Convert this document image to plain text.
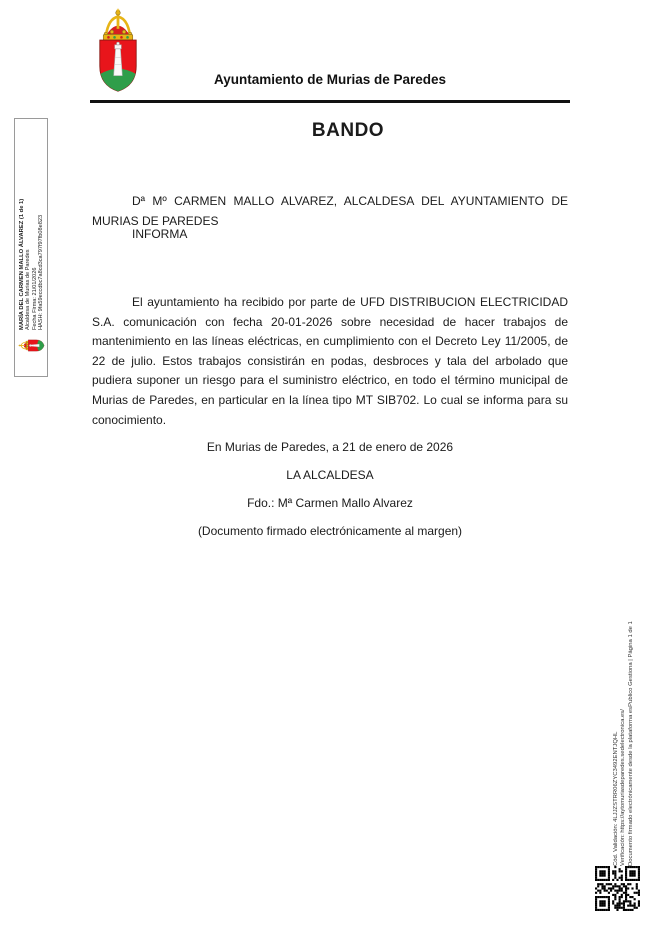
Ayuntamiento de Murias de Paredes
BANDO

Dª Mº CARMEN MALLO ALVAREZ, ALCALDESA DEL AYUNTAMIENTO DE MURIAS DE PAREDES

INFORMA

El ayuntamiento ha recibido por parte de UFD DISTRIBUCION ELECTRICIDAD S.A. comunicación con fecha 20-01-2026 sobre necesidad de hacer trabajos de mantenimiento en las líneas eléctricas, en cumplimiento con el Decreto Ley 11/2005, de 22 de julio. Estos trabajos consistirán en podas, desbroces y tala del arbolado que pudiera suponer un riesgo para el suministro eléctrico, en todo el término municipal de Murias de Paredes, en particular en la línea tipo MT SIB702. Lo cual se informa para su conocimiento.

En Murias de Paredes, a 21 de enero de 2026
LA ALCALDESA
Fdo.: Mª Carmen Mallo Alvarez
(Documento firmado electrónicamente al margen)
MARÍA DEL CARMEN MALLO ÁLVAREZ (1 de 1) Alcaldesa de Murias de Paredes Fecha Firma: 21/01/2026 HASH: 9fa59eccdbc7a8cd3ca797f97fb08e823
Cód. Validación: 4LJJZSTRR06ZYC3492ENTJQHL Verificación: https://aytomuriasdeparedes.sedelectronica.es/ Documento firmado electrónicamente desde la plataforma esPublico Gestiona | Página 1 de 1
